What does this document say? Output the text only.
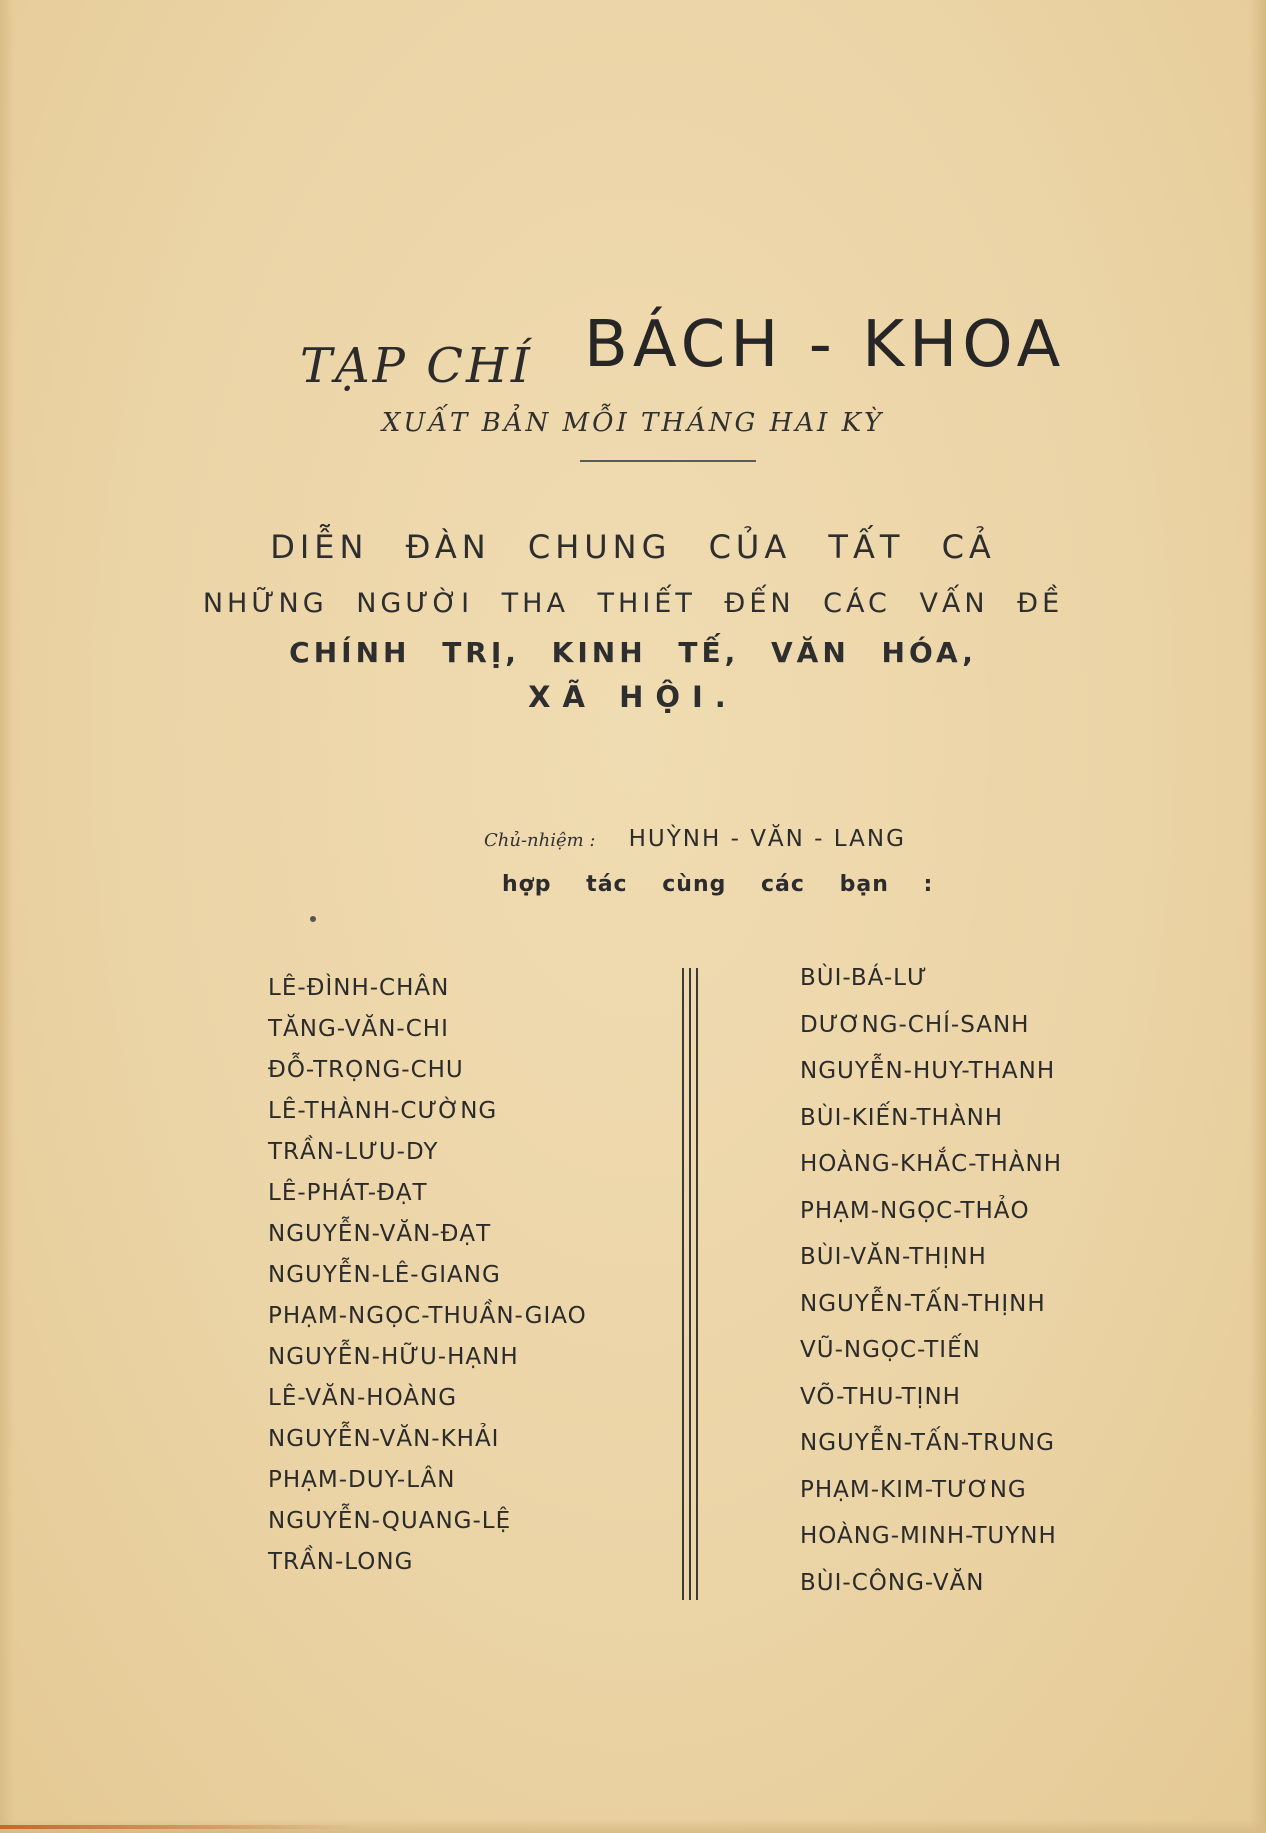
TẠP CHÍ BÁCH - KHOA
XUẤT BẢN MỖI THÁNG HAI KỲ
DIỄN ĐÀN CHUNG CỦA TẤT CẢ
NHỮNG NGƯỜI THA THIẾT ĐẾN CÁC VẤN ĐỀ
CHÍNH TRỊ, KINH TẾ, VĂN HÓA,
XÃ HỘI.
Chủ-nhiệm : HUỲNH - VĂN - LANG
hợp tác cùng các bạn :
LÊ-ĐÌNH-CHÂN
TĂNG-VĂN-CHI
ĐỖ-TRỌNG-CHU
LÊ-THÀNH-CƯỜNG
TRẦN-LƯU-DY
LÊ-PHÁT-ĐẠT
NGUYỄN-VĂN-ĐẠT
NGUYỄN-LÊ-GIANG
PHẠM-NGỌC-THUẦN-GIAO
NGUYỄN-HỮU-HẠNH
LÊ-VĂN-HOÀNG
NGUYỄN-VĂN-KHẢI
PHẠM-DUY-LÂN
NGUYỄN-QUANG-LỆ
TRẦN-LONG
BÙI-BÁ-LƯ
DƯƠNG-CHÍ-SANH
NGUYỄN-HUY-THANH
BÙI-KIẾN-THÀNH
HOÀNG-KHẮC-THÀNH
PHẠM-NGỌC-THẢO
BÙI-VĂN-THỊNH
NGUYỄN-TẤN-THỊNH
VŨ-NGỌC-TIẾN
VÕ-THU-TỊNH
NGUYỄN-TẤN-TRUNG
PHẠM-KIM-TƯƠNG
HOÀNG-MINH-TUYNH
BÙI-CÔNG-VĂN
